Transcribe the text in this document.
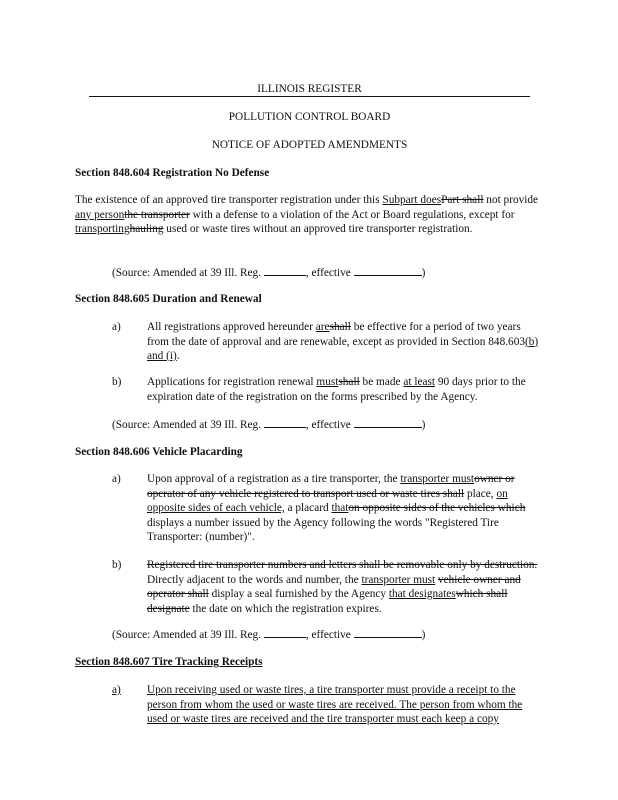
ILLINOIS REGISTER
POLLUTION CONTROL BOARD
NOTICE OF ADOPTED AMENDMENTS
Section 848.604 Registration No Defense
The existence of an approved tire transporter registration under this Subpart doesPart shall not provide any personthe transporter with a defense to a violation of the Act or Board regulations, except for transportinghauling used or waste tires without an approved tire transporter registration.
(Source: Amended at 39 Ill. Reg.	, effective	)
Section 848.605 Duration and Renewal
a) All registrations approved hereunder areshall be effective for a period of two years from the date of approval and are renewable, except as provided in Section 848.603(b) and (i).
b) Applications for registration renewal mustshall be made at least 90 days prior to the expiration date of the registration on the forms prescribed by the Agency.
(Source: Amended at 39 Ill. Reg.	, effective	)
Section 848.606 Vehicle Placarding
a) Upon approval of a registration as a tire transporter, the transporter mustowner or operator of any vehicle registered to transport used or waste tires shall place, on opposite sides of each vehicle, a placard thaton opposite sides of the vehicles which displays a number issued by the Agency following the words "Registered Tire Transporter: (number)".
b) Registered tire transporter numbers and letters shall be removable only by destruction. Directly adjacent to the words and number, the transporter must vehicle owner and operator shall display a seal furnished by the Agency that designateswhich shall designate the date on which the registration expires.
(Source: Amended at 39 Ill. Reg.	, effective	)
Section 848.607 Tire Tracking Receipts
a) Upon receiving used or waste tires, a tire transporter must provide a receipt to the person from whom the used or waste tires are received. The person from whom the used or waste tires are received and the tire transporter must each keep a copy
